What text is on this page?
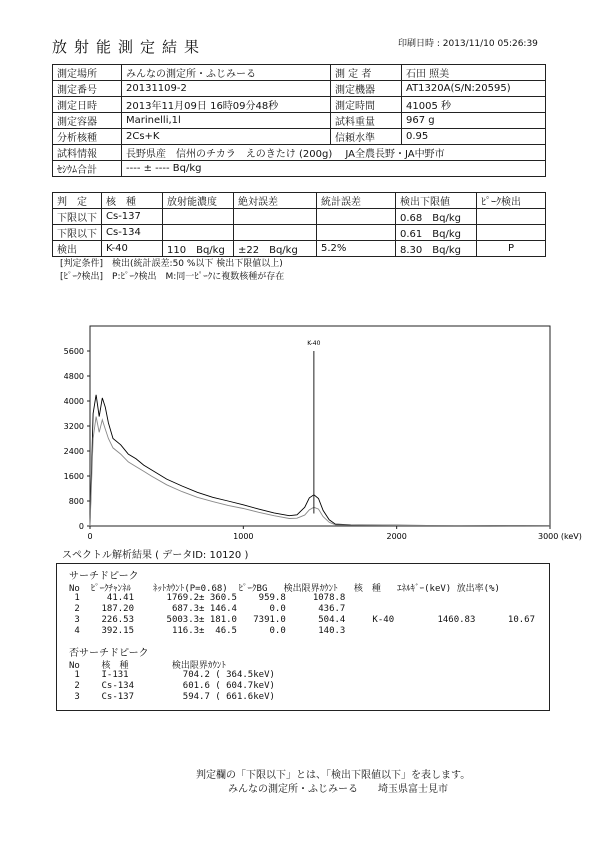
放射能測定結果	印刷日時 : 2013/11/10 05:26:39
測定場所	みんなの測定所・ふじみーる	測 定 者	石田 照美
測定番号	20131109-2	測定機器	AT1320A(S/N:20595)
測定日時	2013年11月09日 16時09分48秒	測定時間	41005 秒
測定容器	Marinelli,1l	試料重量	967 g
分析核種	2Cs+K	信頼水準	0.95
試料情報	長野県産　信州のチカラ　えのきたけ (200g)　 JA全農長野・JA中野市		
ｾｼｳﾑ合計	---- ± ---- Bq/kg		
判　定	核　種	放射能濃度	絶対誤差	統計誤差	検出下限値	ﾋﾟｰｸ検出
下限以下	Cs-137				0.68　Bq/kg	
下限以下	Cs-134				0.61　Bq/kg	
検出	K-40	110　Bq/kg	±22　Bq/kg	5.2%	8.30　Bq/kg	P
[判定条件]　検出(統計誤差:50 %以下 検出下限値以上)
[ﾋﾟｰｸ検出]　P:ﾋﾟｰｸ検出　M:同一ﾋﾟｰｸに複数核種が存在
0
800
1600
2400
3200
4000
4800
5600
0	1000	2000	3000 (keV)
K-40
スペクトル解析結果 ( データID: 10120 )
サーチドピーク
No  ﾋﾟｰｸﾁｬﾝﾈﾙ    ﾈｯﾄｶｳﾝﾄ(P=0.68)  ﾋﾟｰｸBG   検出限界ｶｳﾝﾄ   核　種   ｴﾈﾙｷﾞｰ(keV) 放出率(%)
1     41.41      1769.2± 360.5    959.8     1078.8
2    187.20       687.3± 146.4      0.0      436.7
3    226.53      5003.3± 181.0   7391.0      504.4     K-40        1460.83      10.67
4    392.15       116.3±  46.5      0.0      140.3
否サーチドピーク
No    核　種        検出限界ｶｳﾝﾄ
1    I-131          704.2 ( 364.5keV)
2    Cs-134         601.6 ( 604.7keV)
3    Cs-137         594.7 ( 661.6keV)
判定欄の「下限以下」とは、「検出下限値以下」を表します。
みんなの測定所・ふじみーる　　埼玉県富士見市
